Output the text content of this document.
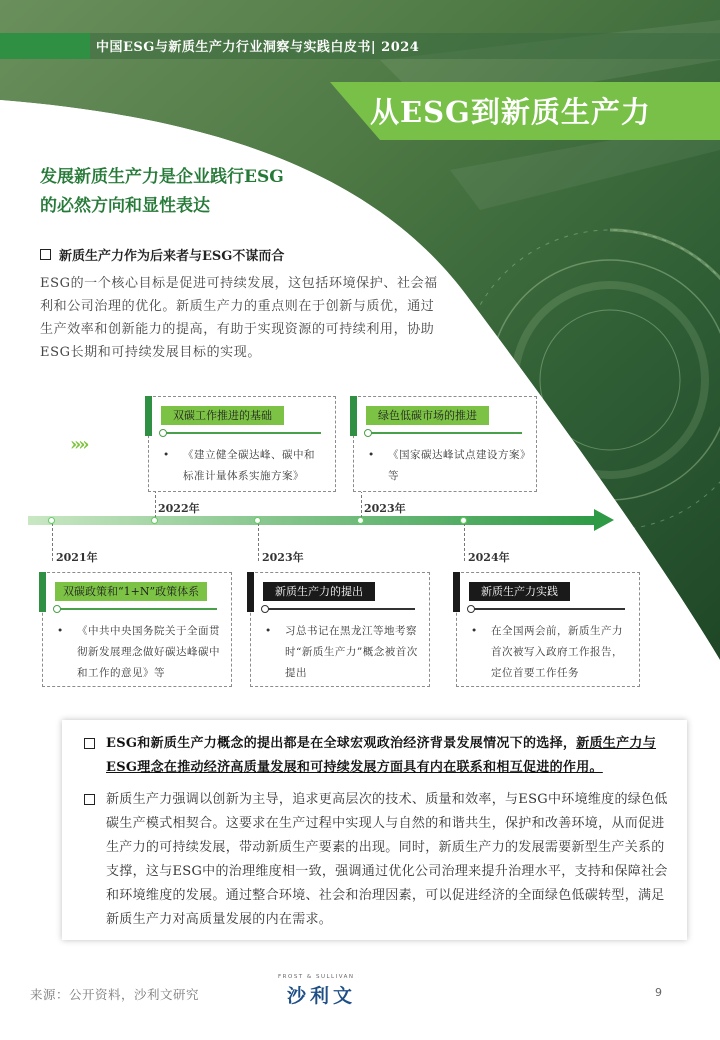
中国ESG与新质生产力行业洞察与实践白皮书| 2024
从ESG到新质生产力
发展新质生产力是企业践行ESG
的必然方向和显性表达
新质生产力作为后来者与ESG不谋而合
ESG的一个核心目标是促进可持续发展，这包括环境保护、社会福利和公司治理的优化。新质生产力的重点则在于创新与质优，通过生产效率和创新能力的提高，有助于实现资源的可持续利用，协助ESG长期和可持续发展目标的实现。
»»
2022年	2023年
2021年	2023年	2024年
双碳工作推进的基础
•	《建立健全碳达峰、碳中和标准计量体系实施方案》
绿色低碳市场的推进
•	《国家碳达峰试点建设方案》等
双碳政策和“1+N”政策体系
•	《中共中央国务院关于全面贯彻新发展理念做好碳达峰碳中和工作的意见》等
新质生产力的提出
•	习总书记在黑龙江等地考察时“新质生产力”概念被首次提出
新质生产力实践
•	在全国两会前，新质生产力首次被写入政府工作报告，定位首要工作任务
ESG和新质生产力概念的提出都是在全球宏观政治经济背景发展情况下的选择，新质生产力与ESG理念在推动经济高质量发展和可持续发展方面具有内在联系和相互促进的作用。
新质生产力强调以创新为主导，追求更高层次的技术、质量和效率，与ESG中环境维度的绿色低碳生产模式相契合。这要求在生产过程中实现人与自然的和谐共生，保护和改善环境，从而促进生产力的可持续发展，带动新质生产要素的出现。同时，新质生产力的发展需要新型生产关系的支撑，这与ESG中的治理维度相一致，强调通过优化公司治理来提升治理水平，支持和保障社会和环境维度的发展。通过整合环境、社会和治理因素，可以促进经济的全面绿色低碳转型，满足新质生产力对高质量发展的内在需求。
来源：公开资料，沙利文研究
FROST & SULLIVAN
沙利文	9
